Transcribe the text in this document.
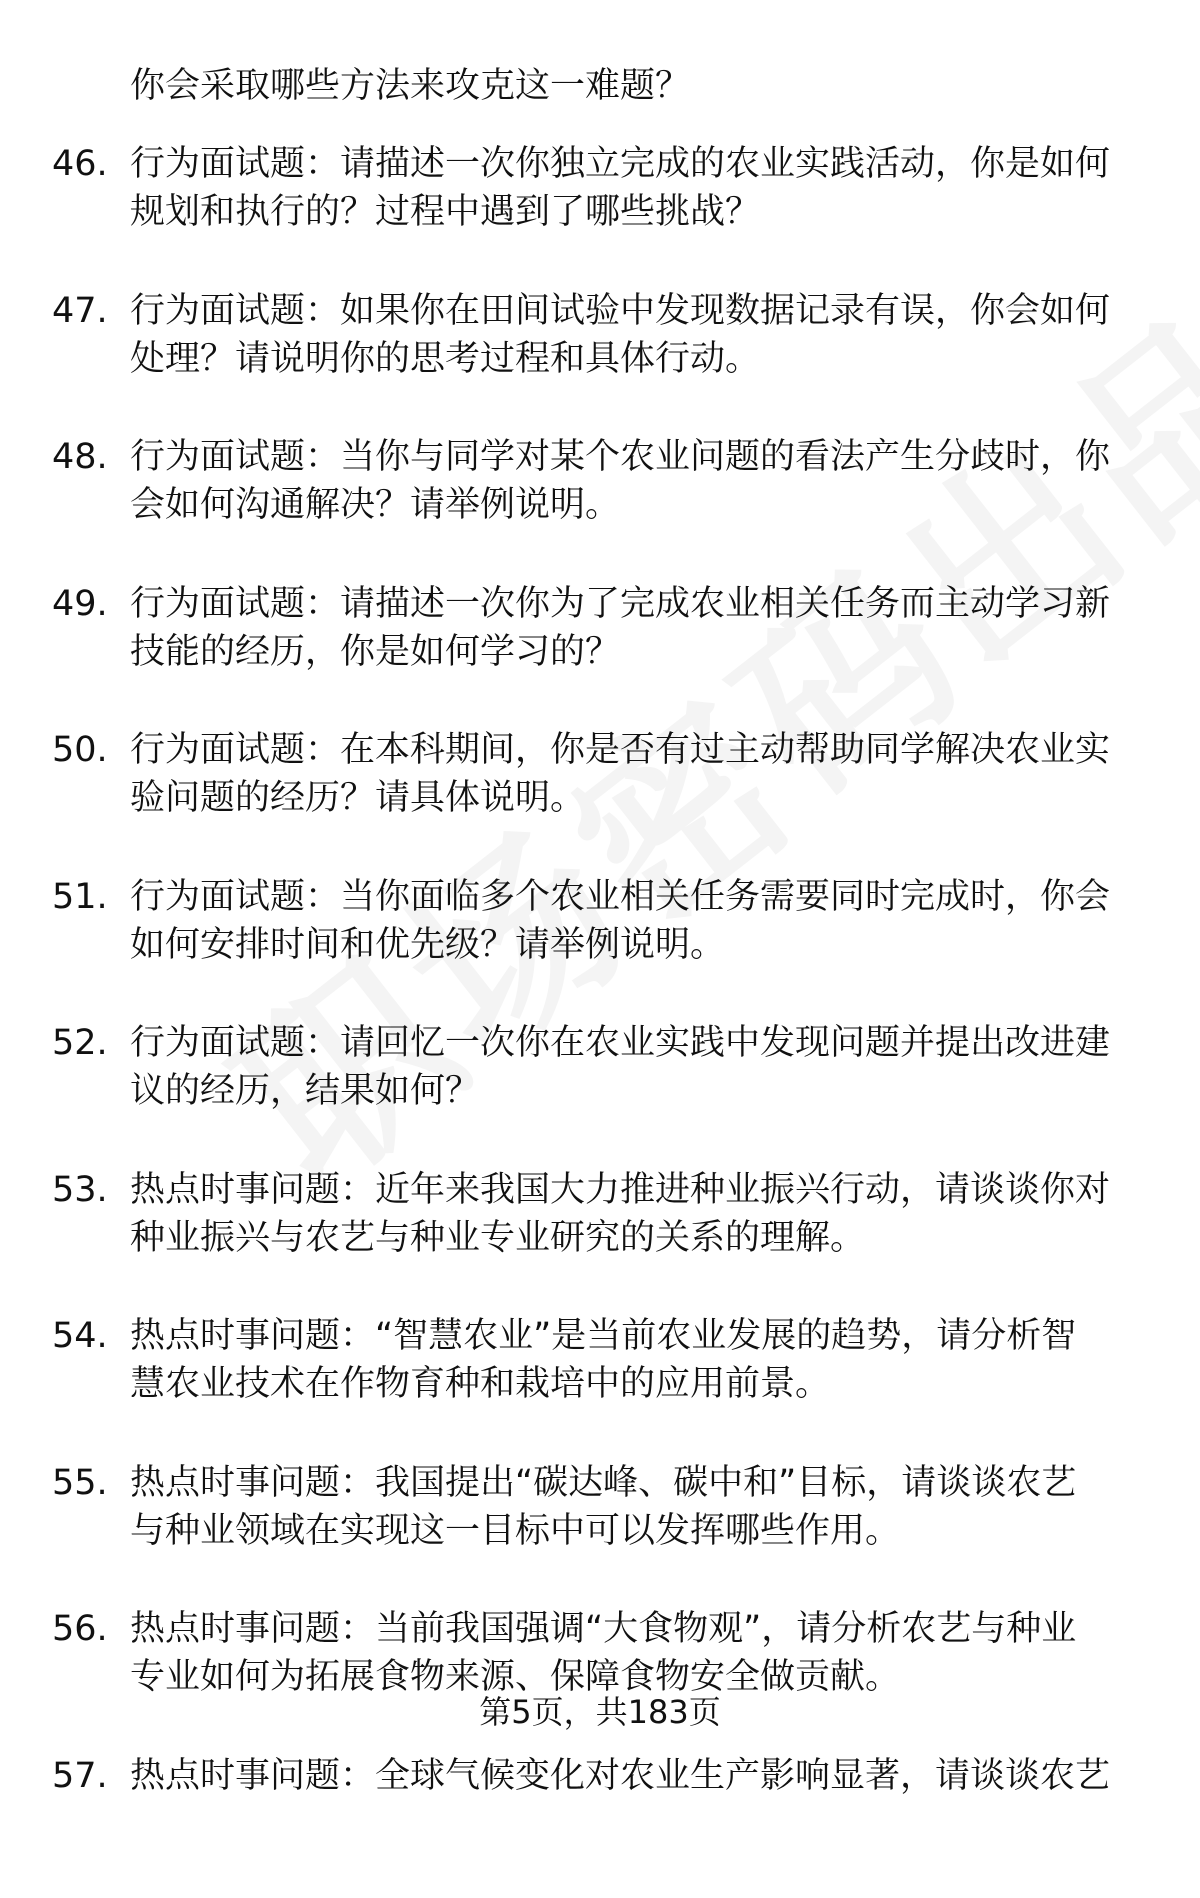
你会采取哪些方法来攻克这一难题？
46. 行为面试题：请描述一次你独立完成的农业实践活动，你是如何
规划和执行的？过程中遇到了哪些挑战？
47. 行为面试题：如果你在田间试验中发现数据记录有误，你会如何
处理？请说明你的思考过程和具体行动。
48. 行为面试题：当你与同学对某个农业问题的看法产生分歧时，你
会如何沟通解决？请举例说明。
49. 行为面试题：请描述一次你为了完成农业相关任务而主动学习新
技能的经历，你是如何学习的？
50. 行为面试题：在本科期间，你是否有过主动帮助同学解决农业实
验问题的经历？请具体说明。
51. 行为面试题：当你面临多个农业相关任务需要同时完成时，你会
如何安排时间和优先级？请举例说明。
52. 行为面试题：请回忆一次你在农业实践中发现问题并提出改进建
议的经历，结果如何？
53. 热点时事问题：近年来我国大力推进种业振兴行动，请谈谈你对
种业振兴与农艺与种业专业研究的关系的理解。
54. 热点时事问题：“智慧农业”是当前农业发展的趋势，请分析智
慧农业技术在作物育种和栽培中的应用前景。
55. 热点时事问题：我国提出“碳达峰、碳中和”目标，请谈谈农艺
与种业领域在实现这一目标中可以发挥哪些作用。
56. 热点时事问题：当前我国强调“大食物观”，请分析农艺与种业
专业如何为拓展食物来源、保障食物安全做贡献。
57. 热点时事问题：全球气候变化对农业生产影响显著，请谈谈农艺
第5页，共183页
